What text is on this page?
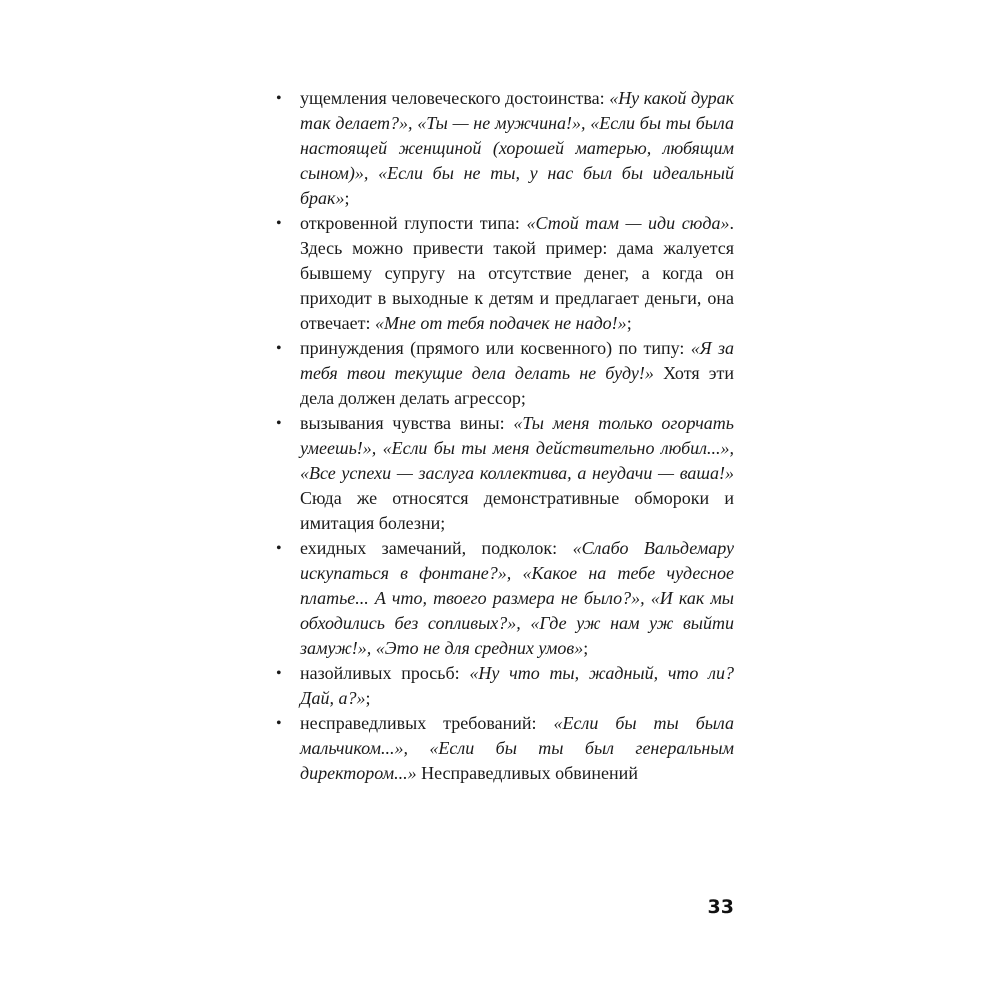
• ущемления человеческого достоинства: «Ну какой дурак так делает?», «Ты — не мужчина!», «Если бы ты была настоящей женщиной (хорошей матерью, любящим сыном)», «Если бы не ты, у нас был бы идеальный брак»;
• откровенной глупости типа: «Стой там — иди сюда». Здесь можно привести такой пример: дама жалуется бывшему супругу на отсутствие денег, а когда он приходит в выходные к детям и предлагает деньги, она отвечает: «Мне от тебя подачек не надо!»;
• принуждения (прямого или косвенного) по типу: «Я за тебя твои текущие дела делать не буду!» Хотя эти дела должен делать агрессор;
• вызывания чувства вины: «Ты меня только огорчать умеешь!», «Если бы ты меня действительно любил...», «Все успехи — заслуга коллектива, а неудачи — ваша!» Сюда же относятся демонстративные обмороки и имитация болезни;
• ехидных замечаний, подколок: «Слабо Вальдемару искупаться в фонтане?», «Какое на тебе чудесное платье... А что, твоего размера не было?», «И как мы обходились без сопливых?», «Где уж нам уж выйти замуж!», «Это не для средних умов»;
• назойливых просьб: «Ну что ты, жадный, что ли? Дай, а?»;
• несправедливых требований: «Если бы ты была мальчиком...», «Если бы ты был генеральным директором...» Несправедливых обвинений
33
